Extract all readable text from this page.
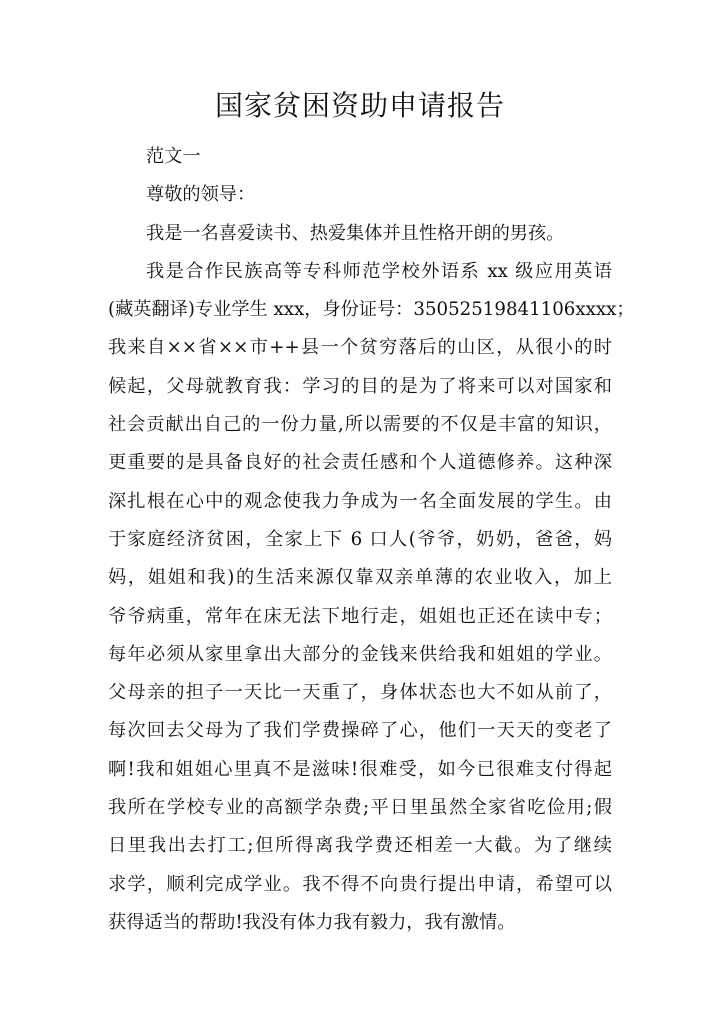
国家贫困资助申请报告
范文一
尊敬的领导：
我是一名喜爱读书、热爱集体并且性格开朗的男孩。
我是合作民族高等专科师范学校外语系 xx 级应用英语
(藏英翻译)专业学生 xxx，身份证号：35052519841106xxxx；
我来自××省××市++县一个贫穷落后的山区，从很小的时
候起，父母就教育我：学习的目的是为了将来可以对国家和
社会贡献出自己的一份力量,所以需要的不仅是丰富的知识，
更重要的是具备良好的社会责任感和个人道德修养。这种深
深扎根在心中的观念使我力争成为一名全面发展的学生。由
于家庭经济贫困，全家上下 6 口人(爷爷，奶奶，爸爸，妈
妈，姐姐和我)的生活来源仅靠双亲单薄的农业收入，加上
爷爷病重，常年在床无法下地行走，姐姐也正还在读中专；
每年必须从家里拿出大部分的金钱来供给我和姐姐的学业。
父母亲的担子一天比一天重了，身体状态也大不如从前了，
每次回去父母为了我们学费操碎了心，他们一天天的变老了
啊!我和姐姐心里真不是滋味!很难受，如今已很难支付得起
我所在学校专业的高额学杂费;平日里虽然全家省吃俭用;假
日里我出去打工;但所得离我学费还相差一大截。为了继续
求学，顺利完成学业。我不得不向贵行提出申请，希望可以
获得适当的帮助!我没有体力我有毅力，我有激情。
